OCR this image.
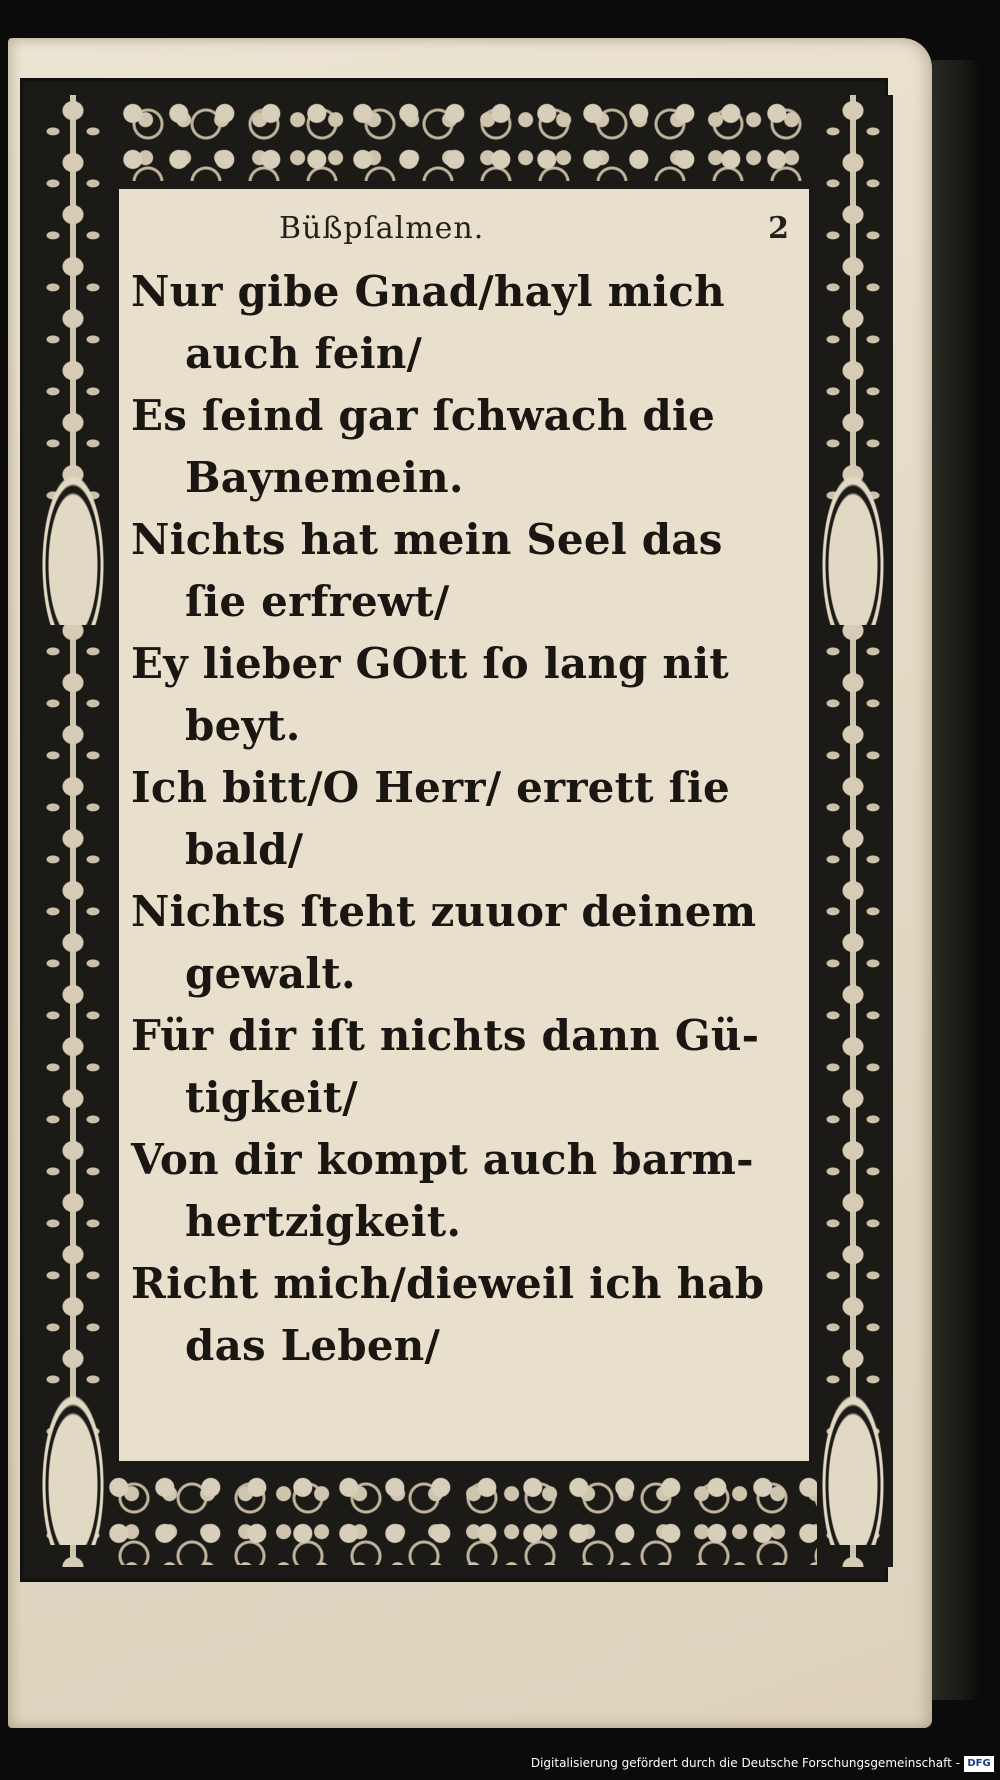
Büßpſalmen.	2
Nur gibe Gnad/hayl mich
auch fein/
Es ſeind gar ſchwach die
Baynemein.
Nichts hat mein Seel das
ſie erfrewt/
Ey lieber GOtt ſo lang nit
beyt.
Ich bitt/O Herr/ errett ſie
bald/
Nichts ſteht zuuor deinem
gewalt.
Für dir iſt nichts dann Gü-
tigkeit/
Von dir kompt auch barm-
hertzigkeit.
Richt mich/dieweil ich hab
das Leben/
Digitalisierung gefördert durch die Deutsche Forschungsgemeinschaft - DFG
